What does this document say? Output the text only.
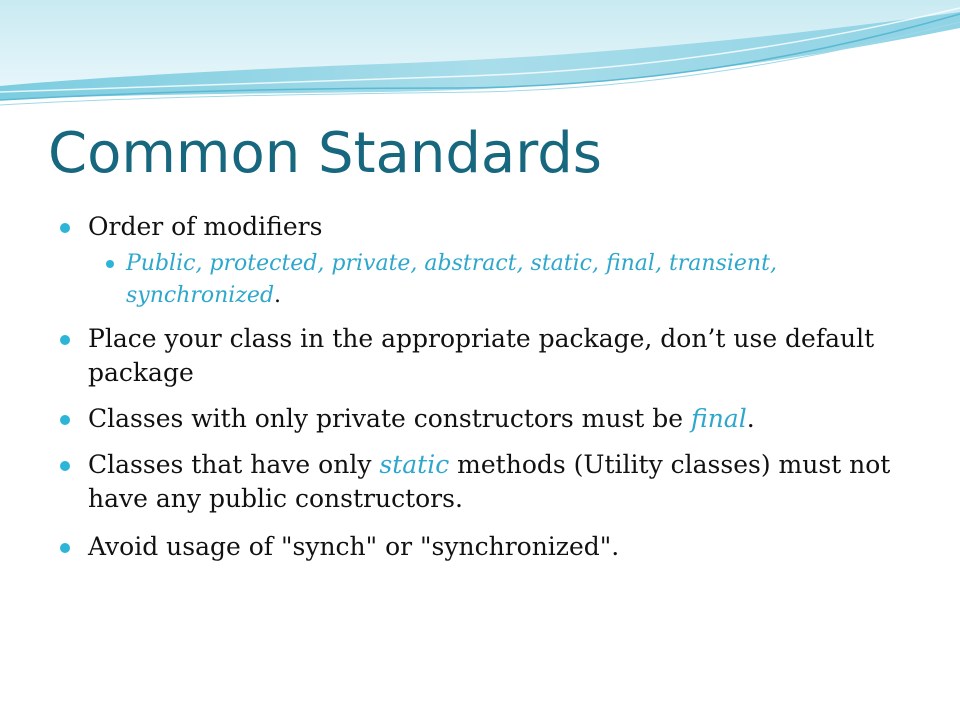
Common Standards
Order of modifiers
Public, protected, private, abstract, static, final, transient, synchronized.
Place your class in the appropriate package, don’t use default package
Classes with only private constructors must be final.
Classes that have only static methods (Utility classes) must not have any public constructors.
Avoid usage of "synch" or "synchronized".
